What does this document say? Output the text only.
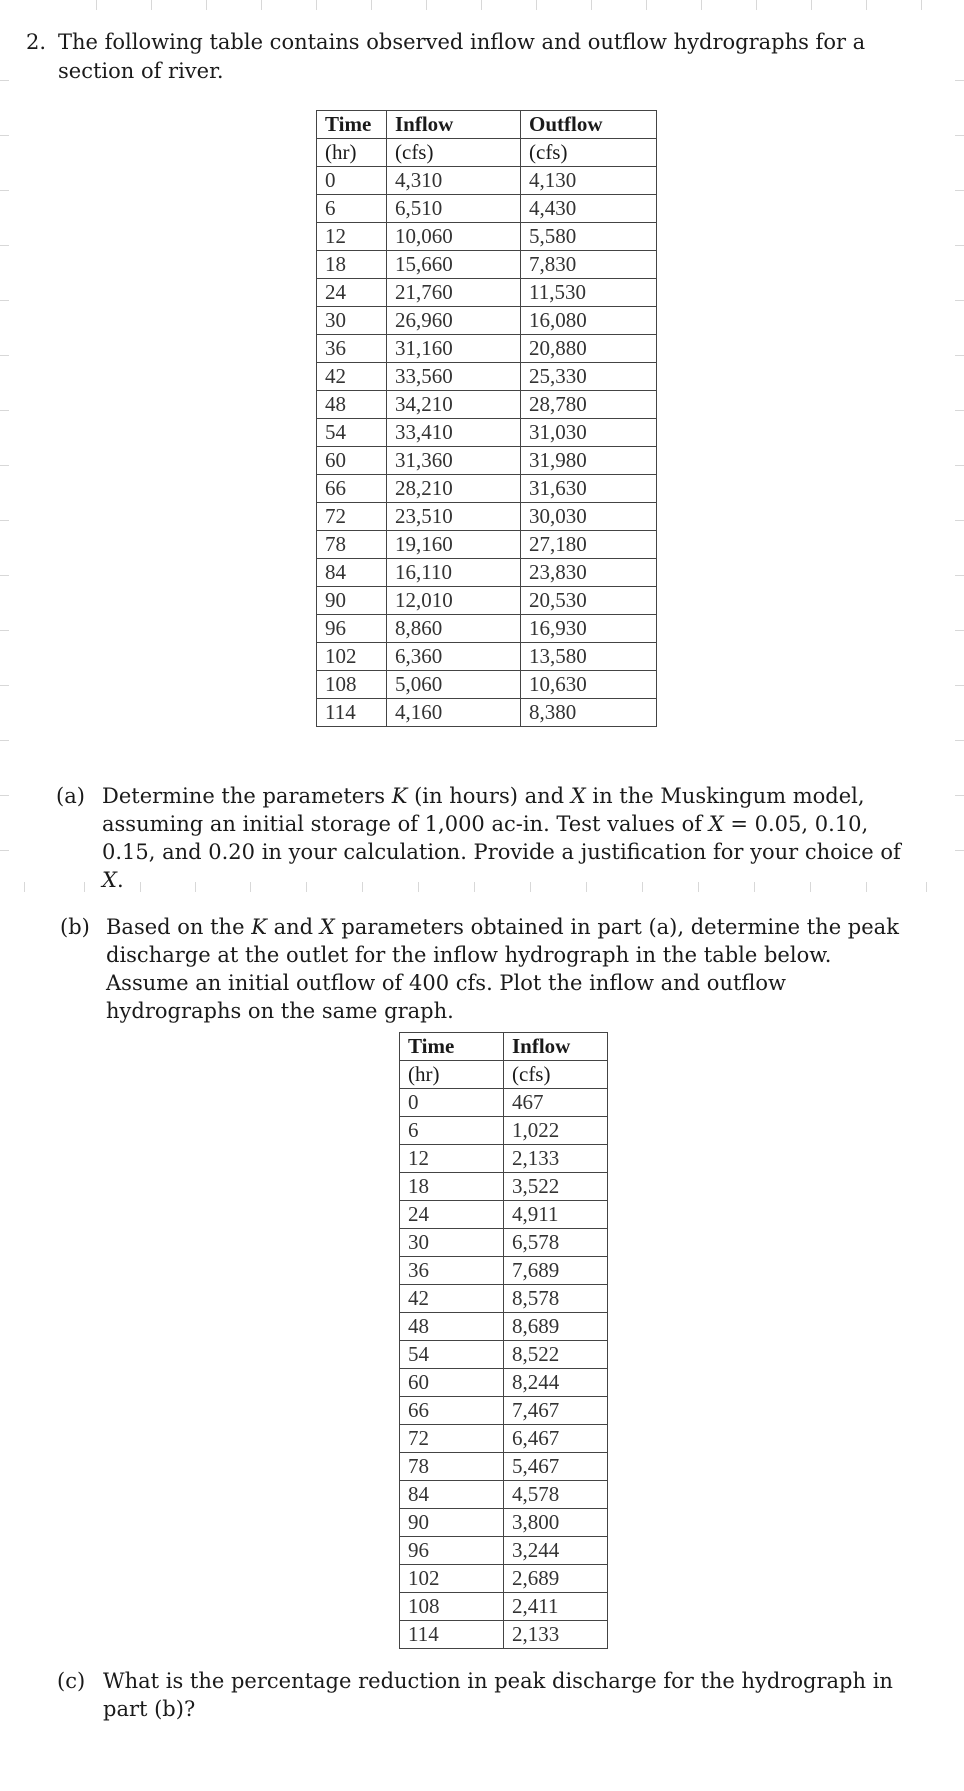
2. The following table contains observed inflow and outflow hydrographs for a section of river.
Time	Inflow	Outflow
(hr)	(cfs)	(cfs)
0	4,310	4,130
6	6,510	4,430
12	10,060	5,580
18	15,660	7,830
24	21,760	11,530
30	26,960	16,080
36	31,160	20,880
42	33,560	25,330
48	34,210	28,780
54	33,410	31,030
60	31,360	31,980
66	28,210	31,630
72	23,510	30,030
78	19,160	27,180
84	16,110	23,830
90	12,010	20,530
96	8,860	16,930
102	6,360	13,580
108	5,060	10,630
114	4,160	8,380
(a) Determine the parameters K (in hours) and X in the Muskingum model, assuming an initial storage of 1,000 ac-in. Test values of X = 0.05, 0.10, 0.15, and 0.20 in your calculation. Provide a justification for your choice of X.
(b) Based on the K and X parameters obtained in part (a), determine the peak discharge at the outlet for the inflow hydrograph in the table below. Assume an initial outflow of 400 cfs. Plot the inflow and outflow hydrographs on the same graph.
Time	Inflow
(hr)	(cfs)
0	467
6	1,022
12	2,133
18	3,522
24	4,911
30	6,578
36	7,689
42	8,578
48	8,689
54	8,522
60	8,244
66	7,467
72	6,467
78	5,467
84	4,578
90	3,800
96	3,244
102	2,689
108	2,411
114	2,133
(c) What is the percentage reduction in peak discharge for the hydrograph in part (b)?
